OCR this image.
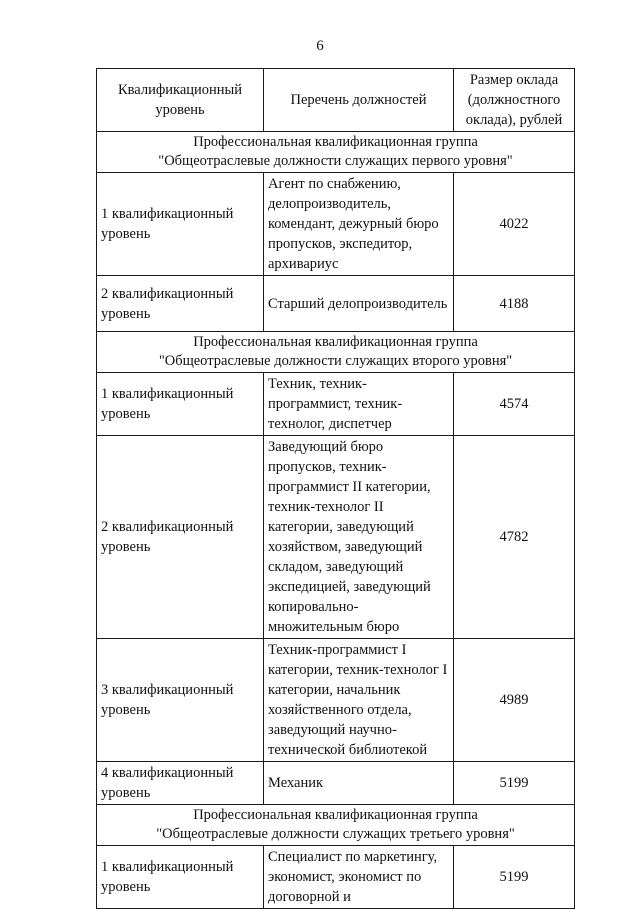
6
Квалификационный уровень	Перечень должностей	Размер оклада (должностного оклада), рублей

Профессиональная квалификационная группа
"Общеотраслевые должности служащих первого уровня"		

1 квалификационный уровень	Агент по снабжению, делопроизводитель, комендант, дежурный бюро пропусков, экспедитор, архивариус	4022
2 квалификационный уровень	Старший делопроизводитель	4188

Профессиональная квалификационная группа
"Общеотраслевые должности служащих второго уровня"		

1 квалификационный уровень	Техник, техник-программист, техник-технолог, диспетчер	4574
2 квалификационный уровень	Заведующий бюро пропусков, техник-программист II категории, техник-технолог II категории, заведующий хозяйством, заведующий складом, заведующий экспедицией, заведующий копировально-множительным бюро	4782
3 квалификационный уровень	Техник-программист I категории, техник-технолог I категории, начальник хозяйственного отдела, заведующий научно-технической библиотекой	4989
4 квалификационный уровень	Механик	5199

Профессиональная квалификационная группа
"Общеотраслевые должности служащих третьего уровня"		

1 квалификационный уровень	Специалист по маркетингу, экономист, экономист по договорной и	5199
